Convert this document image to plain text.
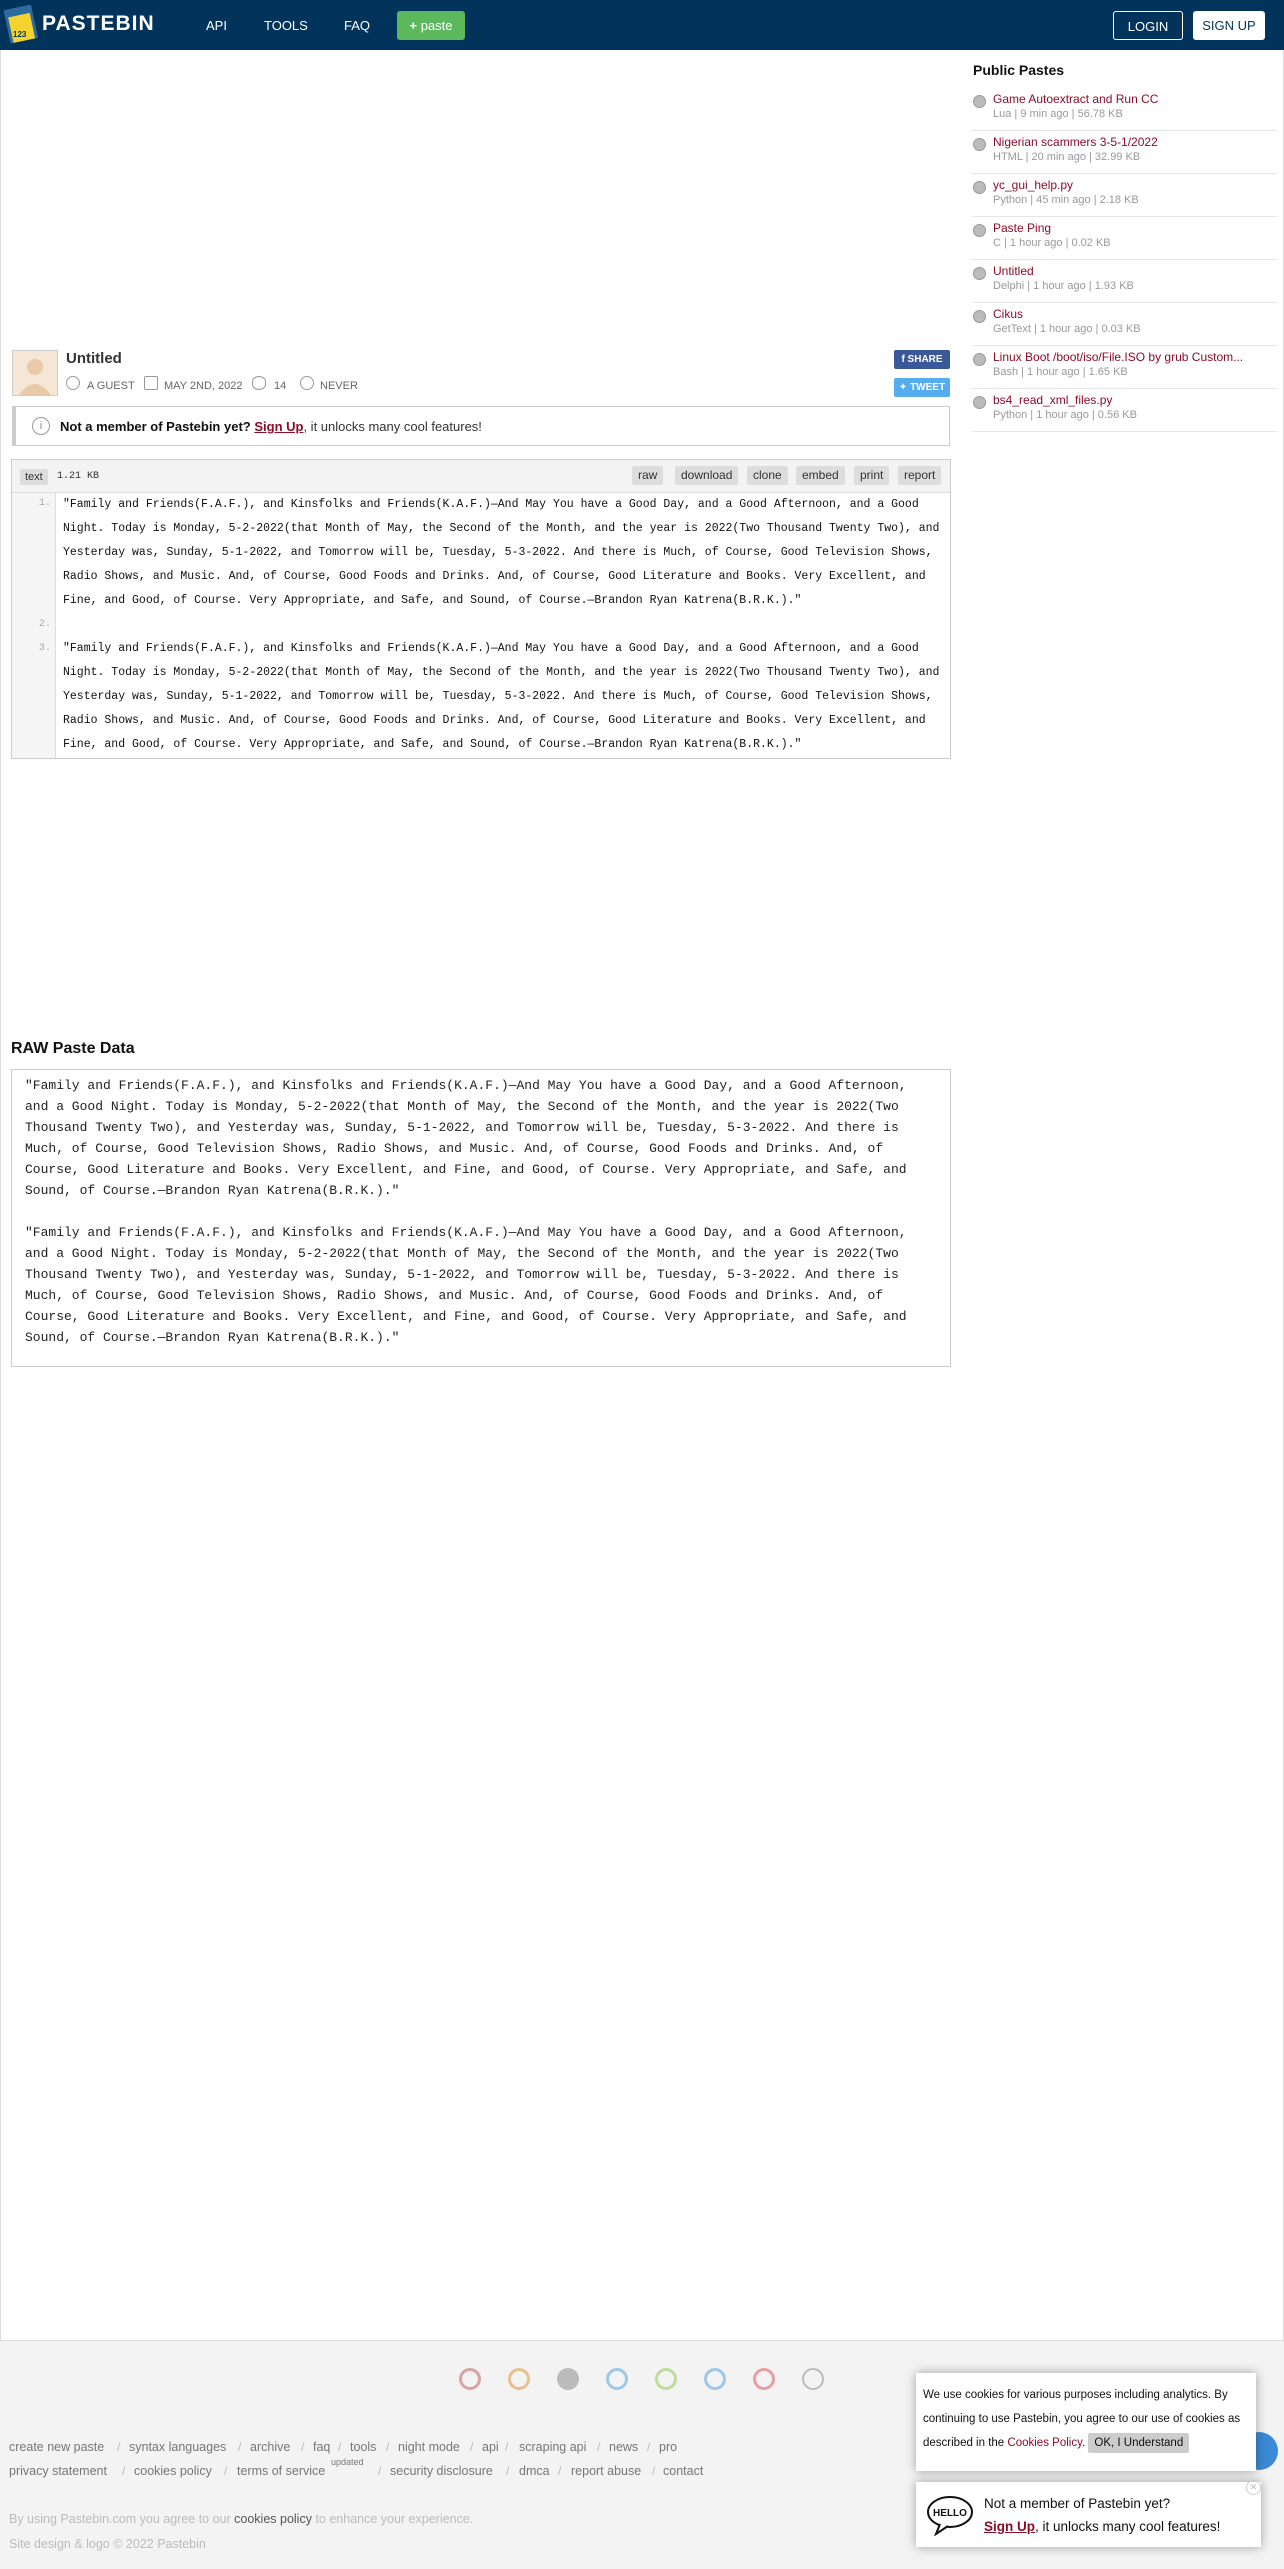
123 PASTEBIN	API	TOOLS	FAQ	+ paste	LOGIN	SIGN UP
Untitled
A GUEST	MAY 2ND, 2022	14	NEVER
f SHARE
✦ TWEET
i	Not a member of Pastebin yet? Sign Up, it unlocks many cool features!
text	1.21 KB	raw	download	clone	embed	print	report
1.
2.
3.
"Family and Friends(F.A.F.), and Kinsfolks and Friends(K.A.F.)—And May You have a Good Day, and a Good Afternoon, and a Good Night. Today is Monday, 5-2-2022(that Month of May, the Second of the Month, and the year is 2022(Two Thousand Twenty Two), and Yesterday was, Sunday, 5-1-2022, and Tomorrow will be, Tuesday, 5-3-2022. And there is Much, of Course, Good Television Shows, Radio Shows, and Music. And, of Course, Good Foods and Drinks. And, of Course, Good Literature and Books. Very Excellent, and Fine, and Good, of Course. Very Appropriate, and Safe, and Sound, of Course.—Brandon Ryan Katrena(B.R.K.)."
"Family and Friends(F.A.F.), and Kinsfolks and Friends(K.A.F.)—And May You have a Good Day, and a Good Afternoon, and a Good Night. Today is Monday, 5-2-2022(that Month of May, the Second of the Month, and the year is 2022(Two Thousand Twenty Two), and Yesterday was, Sunday, 5-1-2022, and Tomorrow will be, Tuesday, 5-3-2022. And there is Much, of Course, Good Television Shows, Radio Shows, and Music. And, of Course, Good Foods and Drinks. And, of Course, Good Literature and Books. Very Excellent, and Fine, and Good, of Course. Very Appropriate, and Safe, and Sound, of Course.—Brandon Ryan Katrena(B.R.K.)."
RAW Paste Data
"Family and Friends(F.A.F.), and Kinsfolks and Friends(K.A.F.)—And May You have a Good Day, and a Good Afternoon, and a Good Night. Today is Monday, 5-2-2022(that Month of May, the Second of the Month, and the year is 2022(Two Thousand Twenty Two), and Yesterday was, Sunday, 5-1-2022, and Tomorrow will be, Tuesday, 5-3-2022. And there is Much, of Course, Good Television Shows, Radio Shows, and Music. And, of Course, Good Foods and Drinks. And, of Course, Good Literature and Books. Very Excellent, and Fine, and Good, of Course. Very Appropriate, and Safe, and Sound, of Course.—Brandon Ryan Katrena(B.R.K.)."
"Family and Friends(F.A.F.), and Kinsfolks and Friends(K.A.F.)—And May You have a Good Day, and a Good Afternoon, and a Good Night. Today is Monday, 5-2-2022(that Month of May, the Second of the Month, and the year is 2022(Two Thousand Twenty Two), and Yesterday was, Sunday, 5-1-2022, and Tomorrow will be, Tuesday, 5-3-2022. And there is Much, of Course, Good Television Shows, Radio Shows, and Music. And, of Course, Good Foods and Drinks. And, of Course, Good Literature and Books. Very Excellent, and Fine, and Good, of Course. Very Appropriate, and Safe, and Sound, of Course.—Brandon Ryan Katrena(B.R.K.)."
Public Pastes
Game Autoextract and Run CC
Lua | 9 min ago | 56.78 KB
Nigerian scammers 3-5-1/2022
HTML | 20 min ago | 32.99 KB
yc_gui_help.py
Python | 45 min ago | 2.18 KB
Paste Ping
C | 1 hour ago | 0.02 KB
Untitled
Delphi | 1 hour ago | 1.93 KB
Cikus
GetText | 1 hour ago | 0.03 KB
Linux Boot /boot/iso/File.ISO by grub Custom...
Bash | 1 hour ago | 1.65 KB
bs4_read_xml_files.py
Python | 1 hour ago | 0.56 KB
create new paste / syntax languages / archive / faq / tools / night mode / api / scraping api / news / pro
privacy statement / cookies policy / terms of service
updated
/ security disclosure / dmca / report abuse / contact
By using Pastebin.com you agree to our cookies policy to enhance your experience.
Site design & logo © 2022 Pastebin
We use cookies for various purposes including analytics. By continuing to use Pastebin, you agree to our use of cookies as described in the Cookies Policy. OK, I Understand
HELLO
Not a member of Pastebin yet?
Sign Up, it unlocks many cool features!
✕
